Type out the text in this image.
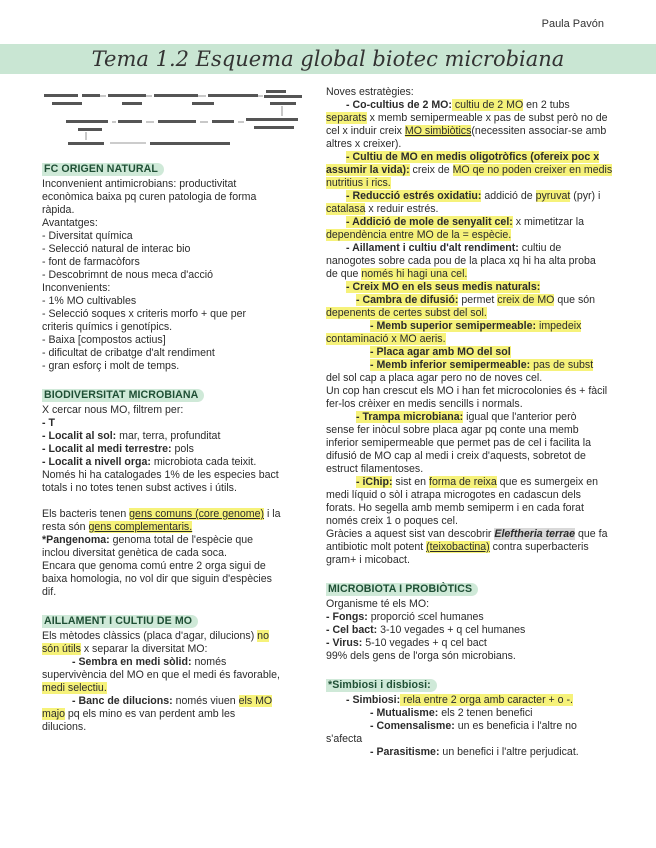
Paula Pavón
Tema 1.2 Esquema global biotec microbiana
FC ORIGEN NATURAL

Inconvenient antimicrobians: productivitat

econòmica baixa pq curen patologia de forma

ràpida.

Avantatges:

- Diversitat química

- Selecció natural de interac bio

- font de farmacòfors

- Descobrimnt de nous meca d'acció

Inconvenients:

- 1% MO cultivables

- Selecció soques x criteris morfo + que per

criteris químics i genotípics.

- Baixa [compostos actius]

- dificultat de cribatge d'alt rendiment

- gran esforç i molt de temps.

BIODIVERSITAT MICROBIANA

X cercar nous MO, filtrem per:

- T

- Localit al sol: mar, terra, profunditat

- Localit al medi terrestre: pols

- Localit a nivell orga: microbiota cada teixit.

Només hi ha catalogades 1% de les especies bact

totals i no totes tenen subst actives i útils.

Els bacteris tenen gens comuns (core genome) i la

resta són gens complementaris.

*Pangenoma: genoma total de l'espècie que

inclou diversitat genètica de cada soca.

Encara que genoma comú entre 2 orga sigui de

baixa homologia, no vol dir que siguin d'espècies

dif.

AILLAMENT I CULTIU DE MO

Els mètodes clàssics (placa d'agar, dilucions) no

són útils x separar la diversitat MO:

- Sembra en medi sòlid: només

supervivència del MO en que el medi és favorable,

medi selectiu.

- Banc de dilucions: només viuen els MO

majo pq els mino es van perdent amb les

dilucions.

Noves estratègies:

- Co-cultius de 2 MO: cultiu de 2 MO en 2 tubs

separats x memb semipermeable x pas de subst però no de

cel x induir creix MO simbiòtics(necessiten associar-se amb

altres x creixer).

- Cultiu de MO en medis oligotròfics (ofereix poc x

assumir la vida): creix de MO qe no poden creixer en medis

nutritius i rics.

- Reducció estrés oxidatiu: addició de pyruvat (pyr) i

catalasa x reduir estrés.

- Addició de mole de senyalit cel: x mimetitzar la

dependència entre MO de la = espècie.

- Aillament i cultiu d'alt rendiment: cultiu de

nanogotes sobre cada pou de la placa xq hi ha alta proba

de que només hi hagi una cel.

- Creix MO en els seus medis naturals:

- Cambra de difusió: permet creix de MO que són

depenents de certes subst del sol.

- Memb superior semipermeable: impedeix

contaminació x MO aeris.

- Placa agar amb MO del sol

- Memb inferior semipermeable: pas de subst

del sol cap a placa agar pero no de noves cel.

Un cop han crescut els MO i han fet microcolonies és + fàcil

fer-los crèixer en medis sencills i normals.

- Trampa microbiana: igual que l'anterior però

sense fer inòcul sobre placa agar pq conte una memb

inferior semipermeable que permet pas de cel i facilita la

difusió de MO cap al medi i creix d'aquests, sobretot de

estruct filamentoses.

- iChip: sist en forma de reixa que es sumergeix en

medi líquid o sòl i atrapa microgotes en cadascun dels

forats. Ho segella amb memb semiperm i en cada forat

només creix 1 o poques cel.

Gràcies a aquest sist van descobrir Eleftheria terrae que fa

antibiotic molt potent (teixobactina) contra superbacteris

gram+ i micobact.

MICROBIOTA I PROBIÒTICS

Organisme té els MO:

- Fongs: proporció ≤cel humanes

- Cel bact: 3-10 vegades + q cel humanes

- Virus: 5-10 vegades + q cel bact

99% dels gens de l'orga són microbians.

*Simbiosi i disbiosi:

- Simbiosi: rela entre 2 orga amb caracter + o -.

- Mutualisme: els 2 tenen benefici

- Comensalisme: un es beneficia i l'altre no

s'afecta

- Parasitisme: un benefici i l'altre perjudicat.
